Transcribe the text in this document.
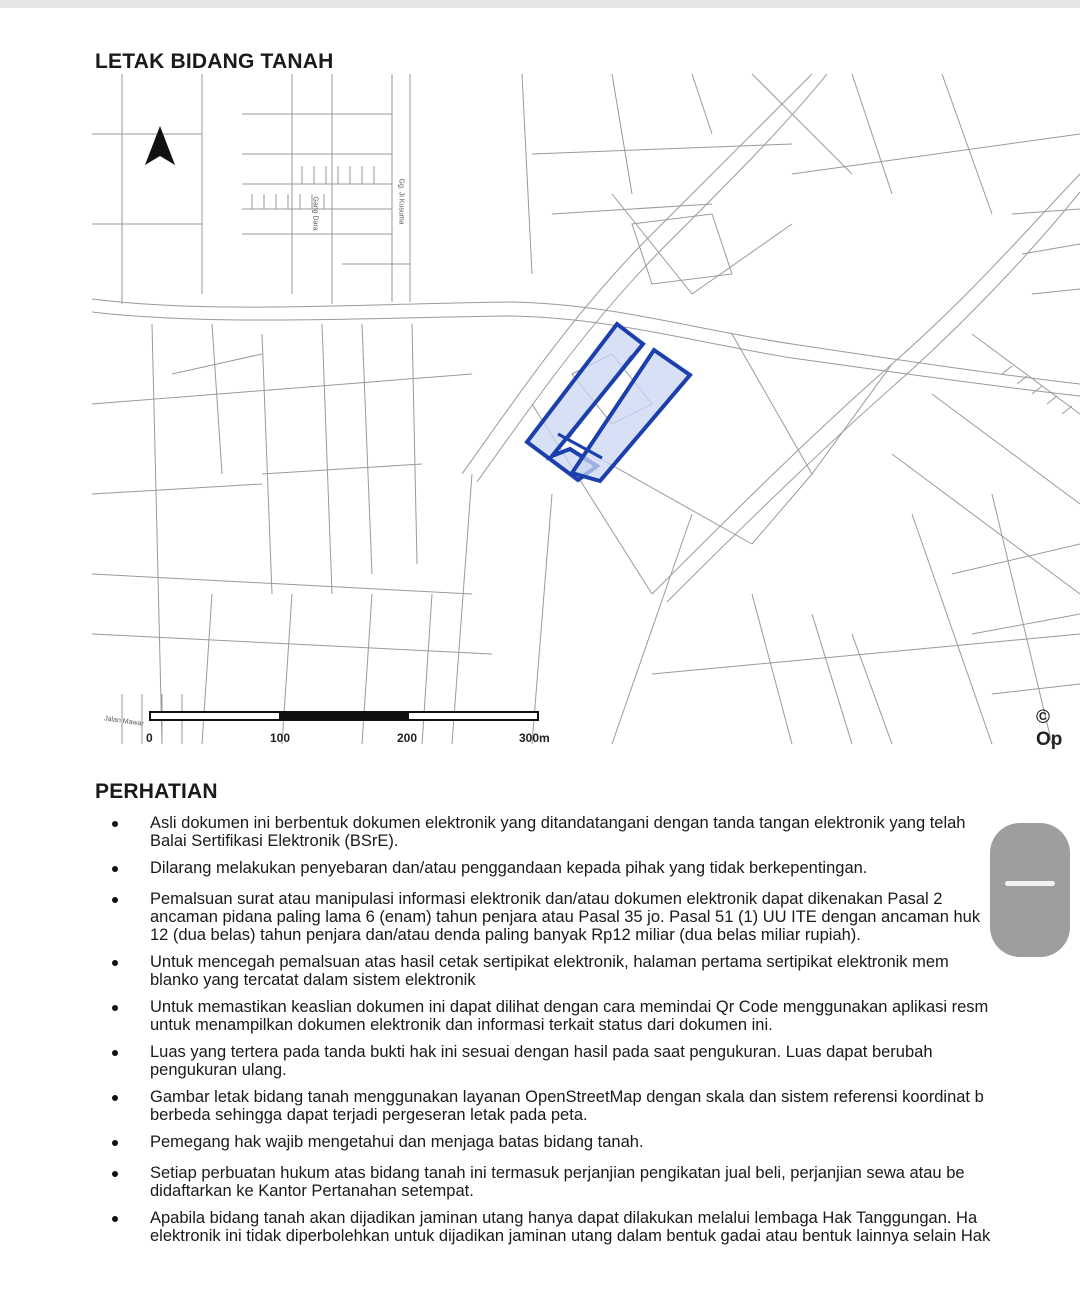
LETAK BIDANG TANAH
Gang Dara	Gg. Ji Kusuma
Jalan Mawar
0	100	200	300m
© Op
PERHATIAN
Asli dokumen ini berbentuk dokumen elektronik yang ditandatangani dengan tanda tangan elektronik yang telah
Balai Sertifikasi Elektronik (BSrE).
Dilarang melakukan penyebaran dan/atau penggandaan kepada pihak yang tidak berkepentingan.
Pemalsuan surat atau manipulasi informasi elektronik dan/atau dokumen elektronik dapat dikenakan Pasal 2
ancaman pidana paling lama 6 (enam) tahun penjara atau Pasal 35 jo. Pasal 51 (1) UU ITE dengan ancaman huk
12 (dua belas) tahun penjara dan/atau denda paling banyak Rp12 miliar (dua belas miliar rupiah).
Untuk mencegah pemalsuan atas hasil cetak sertipikat elektronik, halaman pertama sertipikat elektronik mem
blanko yang tercatat dalam sistem elektronik
Untuk memastikan keaslian dokumen ini dapat dilihat dengan cara memindai Qr Code menggunakan aplikasi resm
untuk menampilkan dokumen elektronik dan informasi terkait status dari dokumen ini.
Luas yang tertera pada tanda bukti hak ini sesuai dengan hasil pada saat pengukuran. Luas dapat berubah
pengukuran ulang.
Gambar letak bidang tanah menggunakan layanan OpenStreetMap dengan skala dan sistem referensi koordinat b
berbeda sehingga dapat terjadi pergeseran letak pada peta.
Pemegang hak wajib mengetahui dan menjaga batas bidang tanah.
Setiap perbuatan hukum atas bidang tanah ini termasuk perjanjian pengikatan jual beli, perjanjian sewa atau be
didaftarkan ke Kantor Pertanahan setempat.
Apabila bidang tanah akan dijadikan jaminan utang hanya dapat dilakukan melalui lembaga Hak Tanggungan. Ha
elektronik ini tidak diperbolehkan untuk dijadikan jaminan utang dalam bentuk gadai atau bentuk lainnya selain Hak
